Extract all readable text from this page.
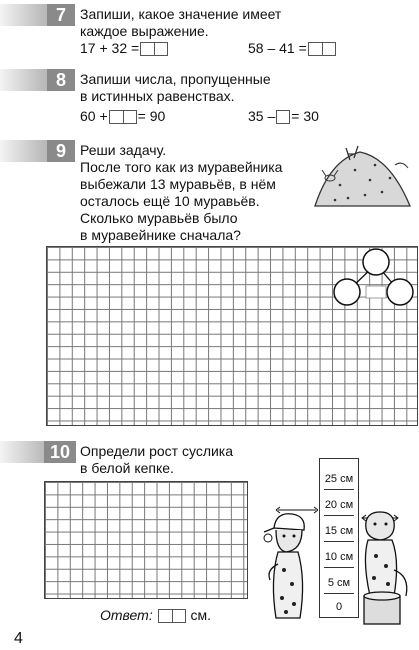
7	Запиши, какое значение имеет
каждое выражение.
17 + 32 =	58 – 41 =
8	Запиши числа, пропущенные
в истинных равенствах.
60 + = 90	35 – = 30
9	Реши задачу.
После того как из муравейника
выбежали 13 муравьёв, в нём
осталось ещё 10 муравьёв.
Сколько муравьёв было
в муравейнике сначала?
10 Определи рост суслика
в белой кепке.
Ответ:	см.
25 см
20 см
15 см
10 см
5 см
0
4
